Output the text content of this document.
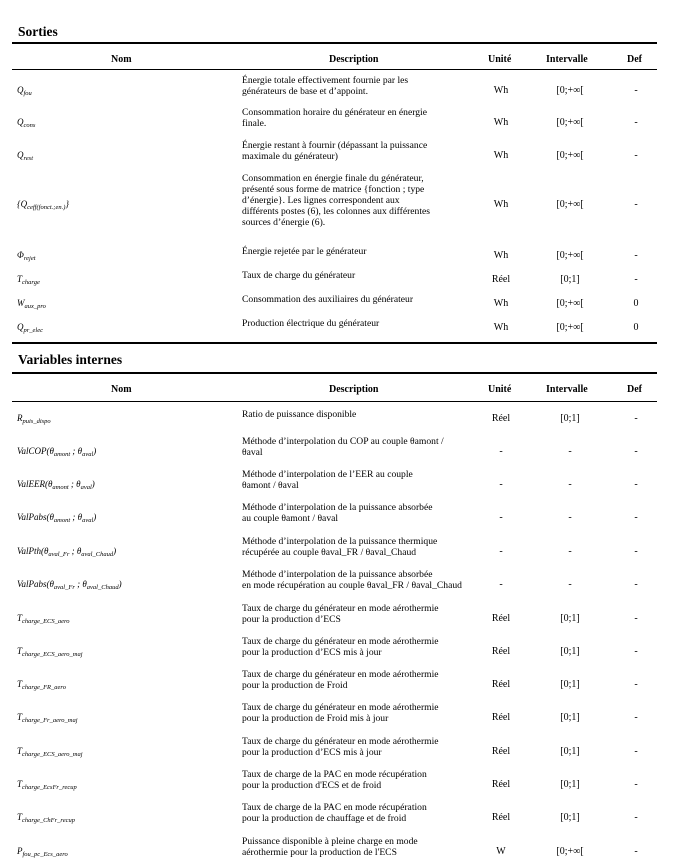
Sorties
Nom	Description	Unité	Intervalle	Def
$Q_{fou}$
Énergie totale effectivement fournie par les
générateurs de base et d’appoint.	Wh	[0;+∞[	-
$Q_{cons}$
Consommation horaire du générateur en énergie
finale.	Wh	[0;+∞[	-
$Q_{rest}$
Énergie restant à fournir (dépassant la puissance
maximale du générateur)	Wh	[0;+∞[	-
$\{Q_{ceff(fonct.;en.)}\}$
Consommation en énergie finale du générateur,
présenté sous forme de matrice {fonction ; type
d’énergie}. Les lignes correspondent aux
différents postes (6), les colonnes aux différentes
sources d’énergie (6).
Wh	[0;+∞[	-
$\Phi_{rejet}$
Énergie rejetée par le générateur	Wh	[0;+∞[	-
$T_{charge}$
Taux de charge du générateur	Réel	[0;1]	-
$W_{aux\_pro}$
Consommation des auxiliaires du générateur	Wh	[0;+∞[	0
$Q_{pr\_elec}$
Production électrique du générateur	Wh	[0;+∞[	0
Variables internes
Nom	Description	Unité	Intervalle	Def
$R_{puis\_dispo}$
Ratio de puissance disponible	Réel	[0;1]	-
$ValCOP(\theta_{amont}$ ; $\theta_{aval}$)
Méthode d’interpolation du COP au couple θamont /
θaval	-	-	-
$ValEER(\theta_{amont}$ ; $\theta_{aval}$)
Méthode d’interpolation de l’EER au couple
θamont / θaval	-	-	-
$ValPabs(\theta_{amont}$ ; $\theta_{aval}$)
Méthode d’interpolation de la puissance absorbée
au couple θamont / θaval	-	-	-
$ValPth(\theta_{aval\_Fr}$ ; $\theta_{aval\_Chaud}$)
Méthode d’interpolation de la puissance thermique
récupérée au couple θaval_FR / θaval_Chaud	-	-	-
$ValPabs(\theta_{aval\_Fr}$ ; $\theta_{aval\_Chaud}$)
Méthode d’interpolation de la puissance absorbée
en mode récupération au couple θaval_FR / θaval_Chaud	-	-	-
$T_{charge\_ECS\_aero}$
Taux de charge du générateur en mode aérothermie
pour la production d’ECS	Réel	[0;1]	-
$T_{charge\_ECS\_aero\_maj}$
Taux de charge du générateur en mode aérothermie
pour la production d’ECS mis à jour	Réel	[0;1]	-
$T_{charge\_FR\_aero}$
Taux de charge du générateur en mode aérothermie
pour la production de Froid	Réel	[0;1]	-
$T_{charge\_Fr\_aero\_maj}$
Taux de charge du générateur en mode aérothermie
pour la production de Froid mis à jour	Réel	[0;1]	-
$T_{charge\_ECS\_aero\_maj}$
Taux de charge du générateur en mode aérothermie
pour la production d’ECS mis à jour	Réel	[0;1]	-
$T_{charge\_EcsFr\_recup}$
Taux de charge de la PAC en mode récupération
pour la production d'ECS et de froid	Réel	[0;1]	-
$T_{charge\_ChFr\_recup}$
Taux de charge de la PAC en mode récupération
pour la production de chauffage et de froid	Réel	[0;1]	-
$P_{fou\_pc\_Ecs\_aero}$
Puissance disponible à pleine charge en mode
aérothermie pour la production de l'ECS	W	[0;+∞[	-
